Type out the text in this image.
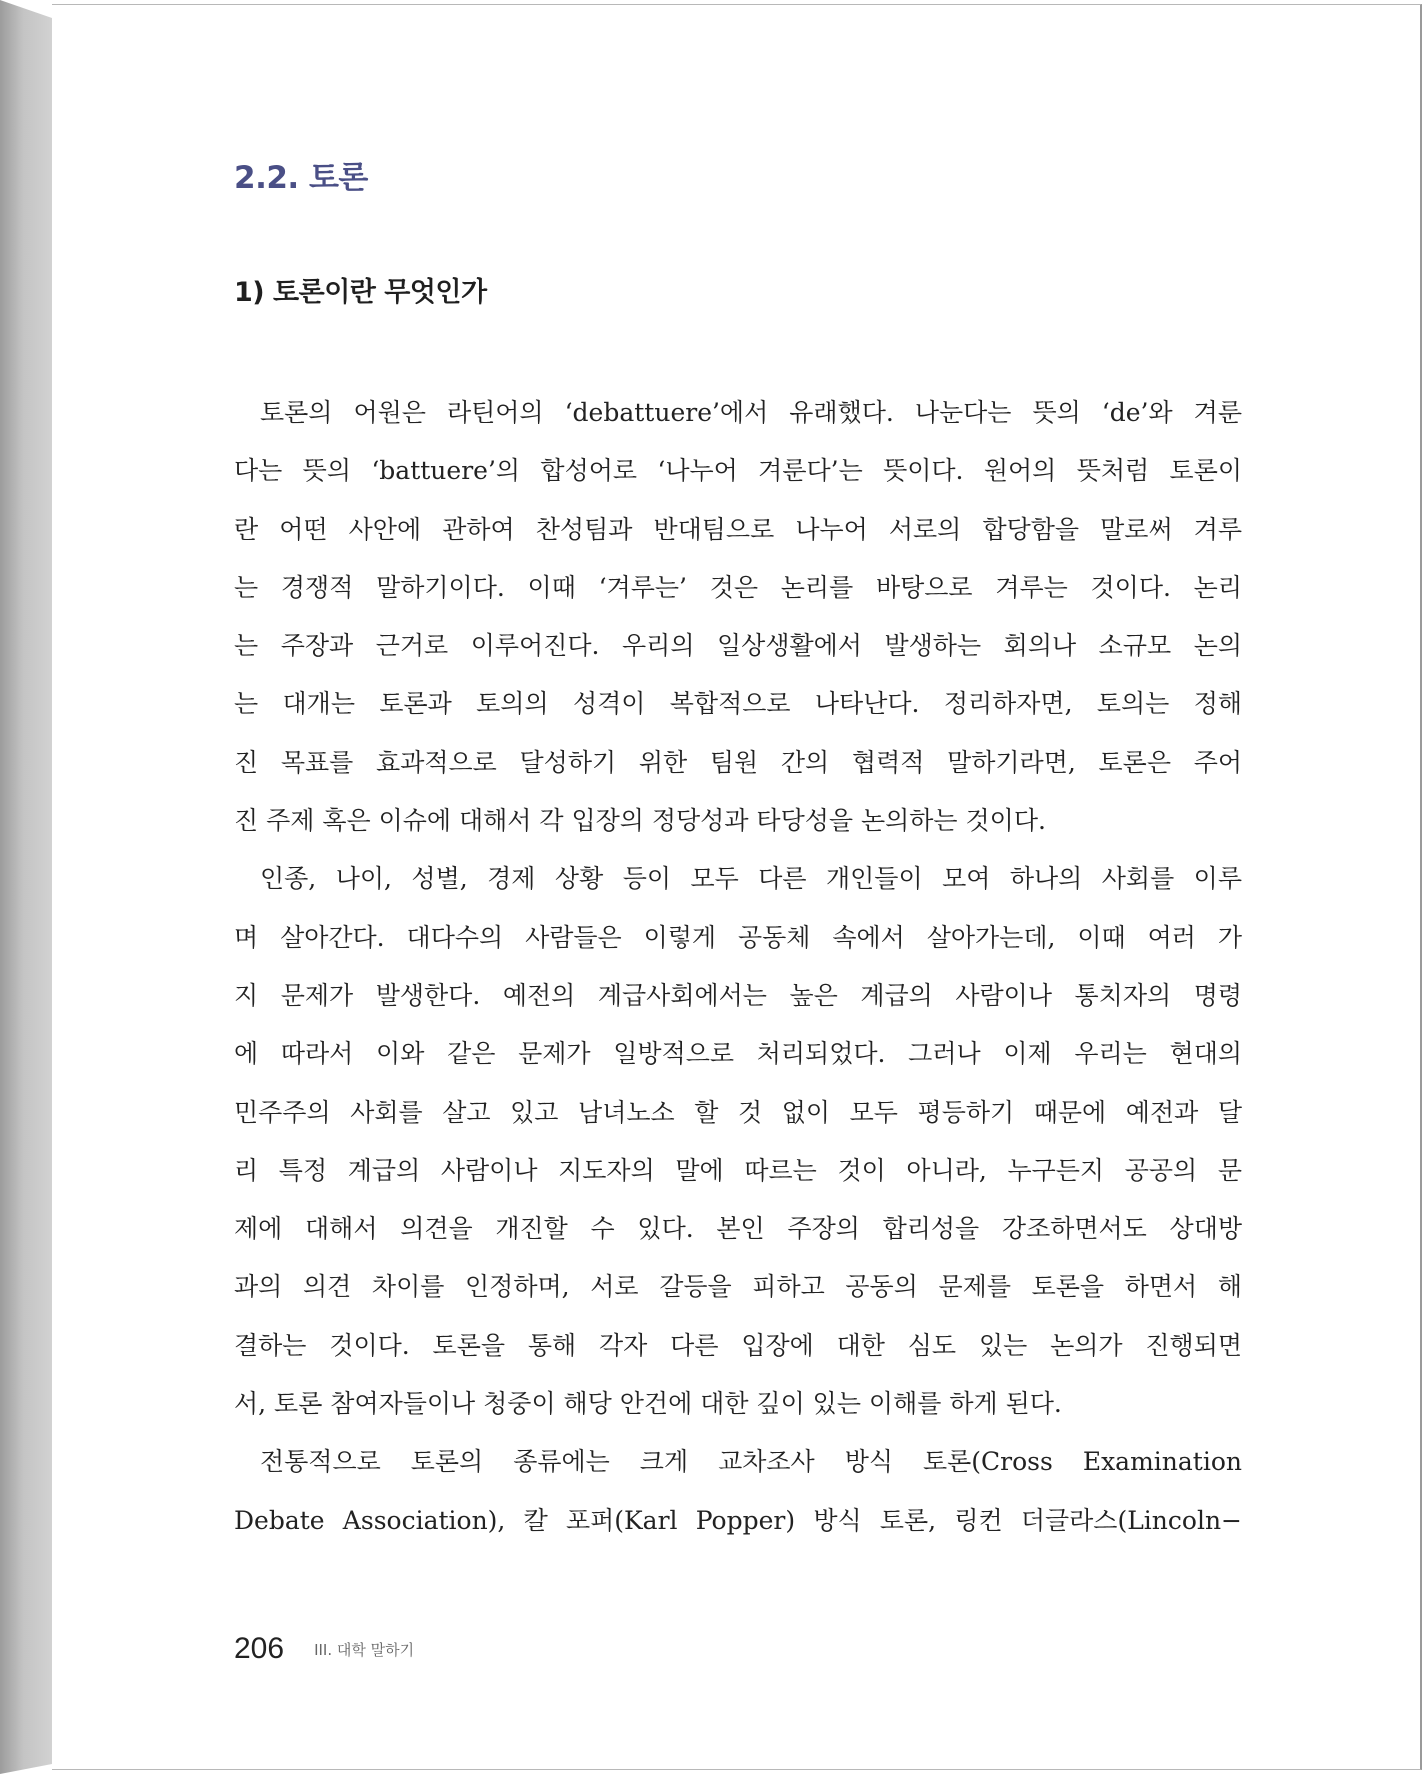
2.2. 토론
1) 토론이란 무엇인가
토론의 어원은 라틴어의 ‘debattuere’에서 유래했다. 나눈다는 뜻의 ‘de’와 겨룬
다는 뜻의 ‘battuere’의 합성어로 ‘나누어 겨룬다’는 뜻이다. 원어의 뜻처럼 토론이
란 어떤 사안에 관하여 찬성팀과 반대팀으로 나누어 서로의 합당함을 말로써 겨루
는 경쟁적 말하기이다. 이때 ‘겨루는’ 것은 논리를 바탕으로 겨루는 것이다. 논리
는 주장과 근거로 이루어진다. 우리의 일상생활에서 발생하는 회의나 소규모 논의
는 대개는 토론과 토의의 성격이 복합적으로 나타난다. 정리하자면, 토의는 정해
진 목표를 효과적으로 달성하기 위한 팀원 간의 협력적 말하기라면, 토론은 주어
진 주제 혹은 이슈에 대해서 각 입장의 정당성과 타당성을 논의하는 것이다.
인종, 나이, 성별, 경제 상황 등이 모두 다른 개인들이 모여 하나의 사회를 이루
며 살아간다. 대다수의 사람들은 이렇게 공동체 속에서 살아가는데, 이때 여러 가
지 문제가 발생한다. 예전의 계급사회에서는 높은 계급의 사람이나 통치자의 명령
에 따라서 이와 같은 문제가 일방적으로 처리되었다. 그러나 이제 우리는 현대의
민주주의 사회를 살고 있고 남녀노소 할 것 없이 모두 평등하기 때문에 예전과 달
리 특정 계급의 사람이나 지도자의 말에 따르는 것이 아니라, 누구든지 공공의 문
제에 대해서 의견을 개진할 수 있다. 본인 주장의 합리성을 강조하면서도 상대방
과의 의견 차이를 인정하며, 서로 갈등을 피하고 공동의 문제를 토론을 하면서 해
결하는 것이다. 토론을 통해 각자 다른 입장에 대한 심도 있는 논의가 진행되면
서, 토론 참여자들이나 청중이 해당 안건에 대한 깊이 있는 이해를 하게 된다.
전통적으로 토론의 종류에는 크게 교차조사 방식 토론(Cross Examination
Debate Association), 칼 포퍼(Karl Popper) 방식 토론, 링컨 더글라스(Lincoln−
206 III. 대학 말하기
